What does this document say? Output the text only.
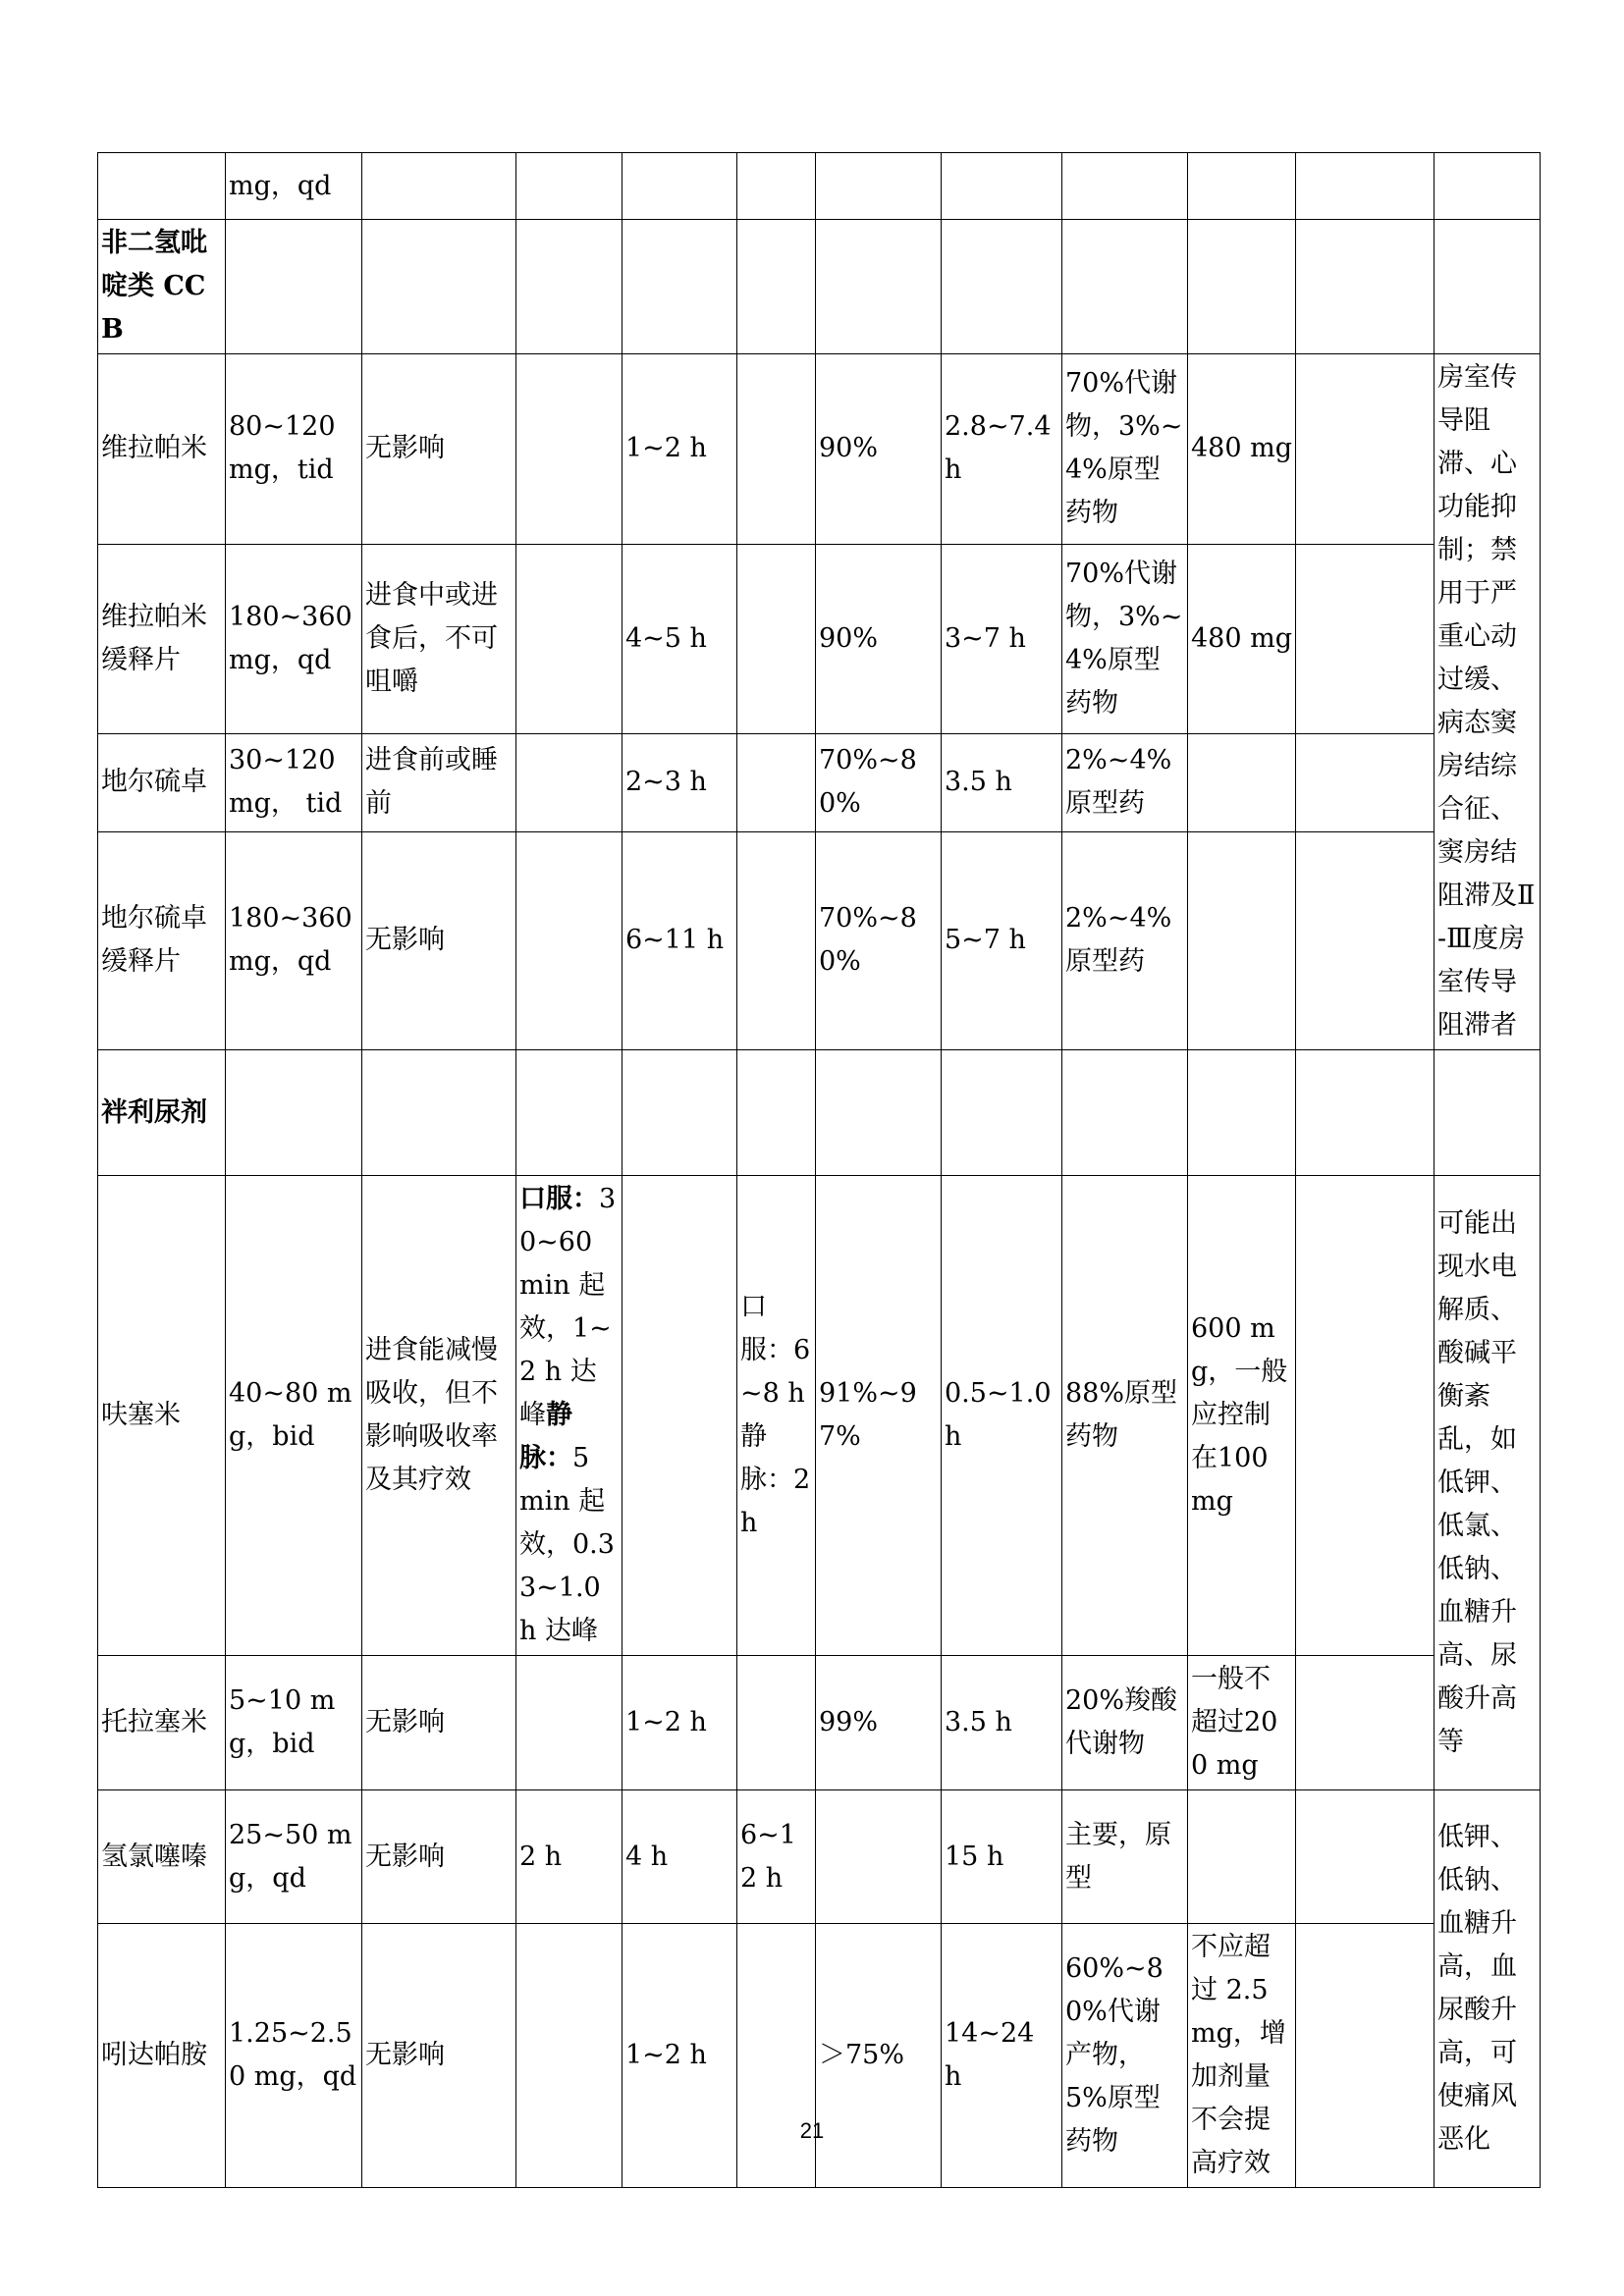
	mg，qd										
非二氢吡啶类 CCB											
维拉帕米	80~120 mg，tid	无影响		1~2 h		90%	2.8~7.4 h	70%代谢物，3%~4%原型药物	480 mg		房室传导阻滞、心功能抑制；禁用于严重心动过缓、病态窦房结综合征、窦房结阻滞及Ⅱ-Ⅲ度房室传导阻滞者
维拉帕米缓释片	180~360 mg，qd	进食中或进食后，不可咀嚼		4~5 h		90%	3~7 h	70%代谢物，3%~4%原型药物	480 mg		
地尔硫卓	30~120 mg， tid	进食前或睡前		2~3 h		70%~80%	3.5 h	2%~4%原型药			
地尔硫卓缓释片	180~360 mg，qd	无影响		6~11 h		70%~80%	5~7 h	2%~4%原型药			
袢利尿剂											
呋塞米	40~80 mg，bid	进食能减慢吸收，但不影响吸收率及其疗效	口服：30~60 min 起效，1~2 h 达峰静脉：5 min 起效，0.33~1.0 h 达峰		口服：6~8 h 静脉：2 h	91%~97%	0.5~1.0 h	88%原型药物	600 mg，一般应控制在100 mg		可能出现水电解质、酸碱平衡紊乱，如低钾、低氯、低钠、血糖升高、尿酸升高等
托拉塞米	5~10 mg，bid	无影响		1~2 h		99%	3.5 h	20%羧酸代谢物	一般不超过200 mg		
氢氯噻嗪	25~50 mg，qd	无影响	2 h	4 h	6~12 h		15 h	主要，原型			低钾、低钠、血糖升高，血尿酸升高，可使痛风恶化
吲达帕胺	1.25~2.50 mg，qd	无影响		1~2 h		＞75%	14~24 h	60%~80%代谢产物，5%原型药物	不应超过 2.5 mg，增加剂量不会提高疗效		
21
